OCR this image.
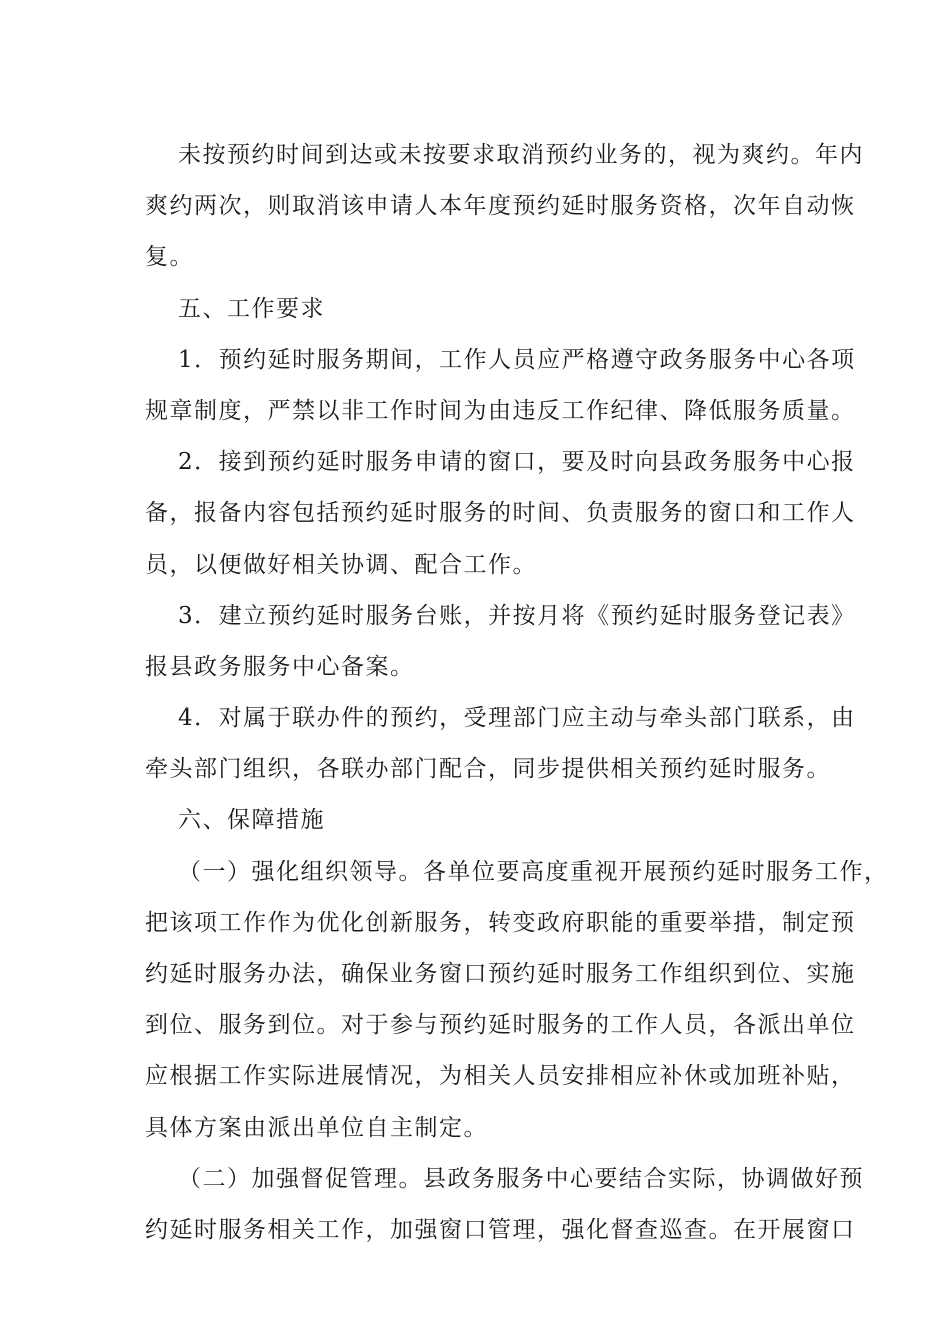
未按预约时间到达或未按要求取消预约业务的，视为爽约。年内
爽约两次，则取消该申请人本年度预约延时服务资格，次年自动恢
复。
五、工作要求
1．预约延时服务期间，工作人员应严格遵守政务服务中心各项
规章制度，严禁以非工作时间为由违反工作纪律、降低服务质量。
2．接到预约延时服务申请的窗口，要及时向县政务服务中心报
备，报备内容包括预约延时服务的时间、负责服务的窗口和工作人
员，以便做好相关协调、配合工作。
3．建立预约延时服务台账，并按月将《预约延时服务登记表》
报县政务服务中心备案。
4．对属于联办件的预约，受理部门应主动与牵头部门联系，由
牵头部门组织，各联办部门配合，同步提供相关预约延时服务。
六、保障措施
（一）强化组织领导。各单位要高度重视开展预约延时服务工作，
把该项工作作为优化创新服务，转变政府职能的重要举措，制定预
约延时服务办法，确保业务窗口预约延时服务工作组织到位、实施
到位、服务到位。对于参与预约延时服务的工作人员，各派出单位
应根据工作实际进展情况，为相关人员安排相应补休或加班补贴，
具体方案由派出单位自主制定。
（二）加强督促管理。县政务服务中心要结合实际，协调做好预
约延时服务相关工作，加强窗口管理，强化督查巡查。在开展窗口
